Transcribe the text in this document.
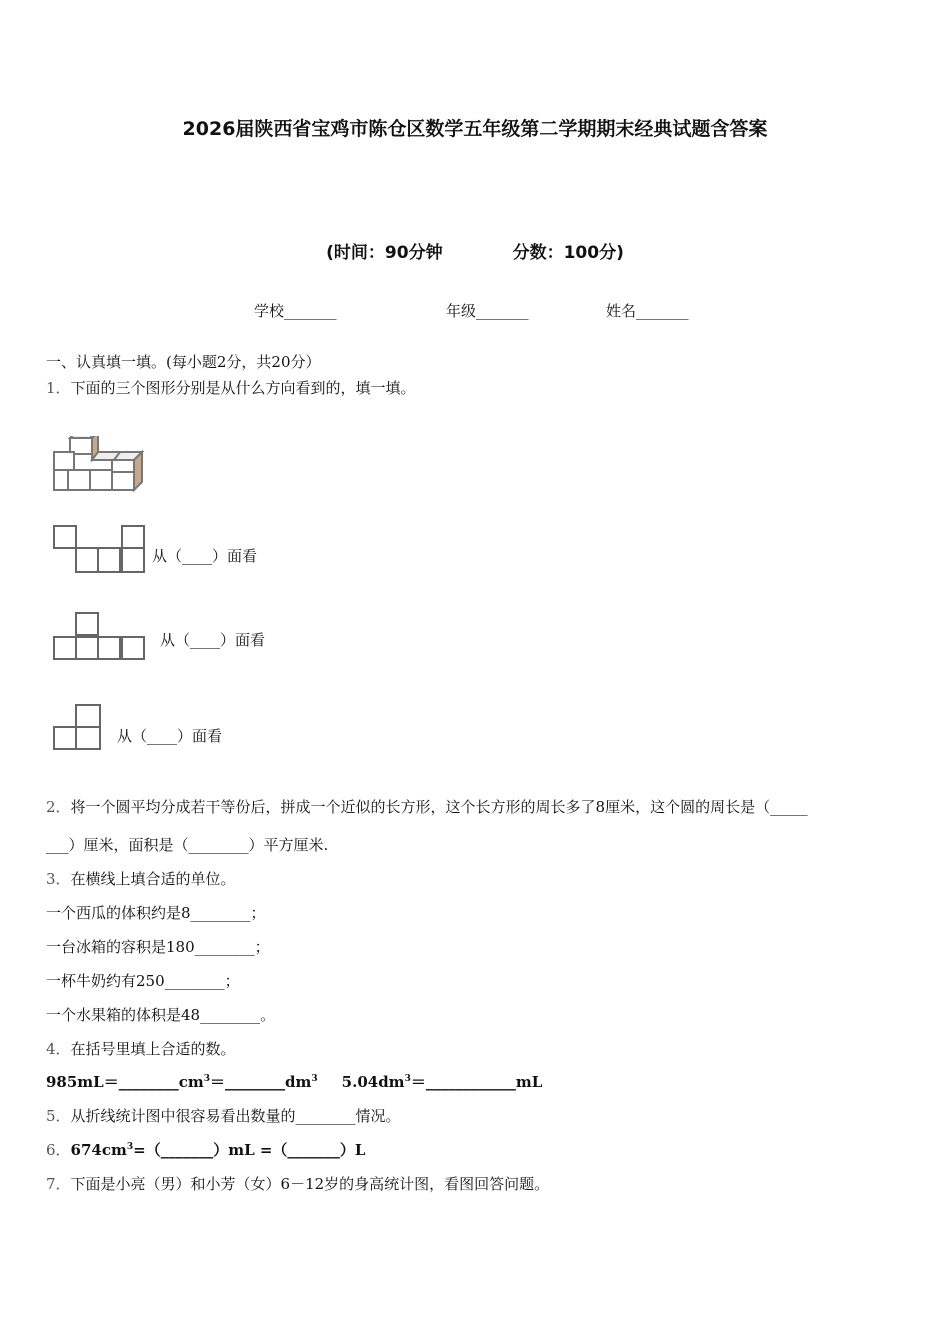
2026届陕西省宝鸡市陈仓区数学五年级第二学期期末经典试题含答案
(时间：90分钟	分数：100分)
学校_______	年级_______	姓名_______
一、认真填一填。(每小题2分，共20分）
1．下面的三个图形分别是从什么方向看到的，填一填。
从（____）面看
从（____）面看
从（____）面看
2．将一个圆平均分成若干等份后，拼成一个近似的长方形，这个长方形的周长多了8厘米，这个圆的周长是（_____
___）厘米，面积是（________）平方厘米.
3．在横线上填合适的单位。
一个西瓜的体积约是8________；
一台冰箱的容积是180________；
一杯牛奶约有250________；
一个水果箱的体积是48________。
4．在括号里填上合适的数。
$985mL=\_\_\_\_\_\_\_\_cm^3=\_\_\_\_\_\_\_\_dm^3$ $5.04dm^3=\_\_\_\_\_\_\_\_\_\_\_\_mL$
5．从折线统计图中很容易看出数量的________情况。
6．$674cm^3=(\_\_\_\_\_\_\_)mL$ =（_______）L
7．下面是小亮（男）和小芳（女）6－12岁的身高统计图，看图回答问题。
